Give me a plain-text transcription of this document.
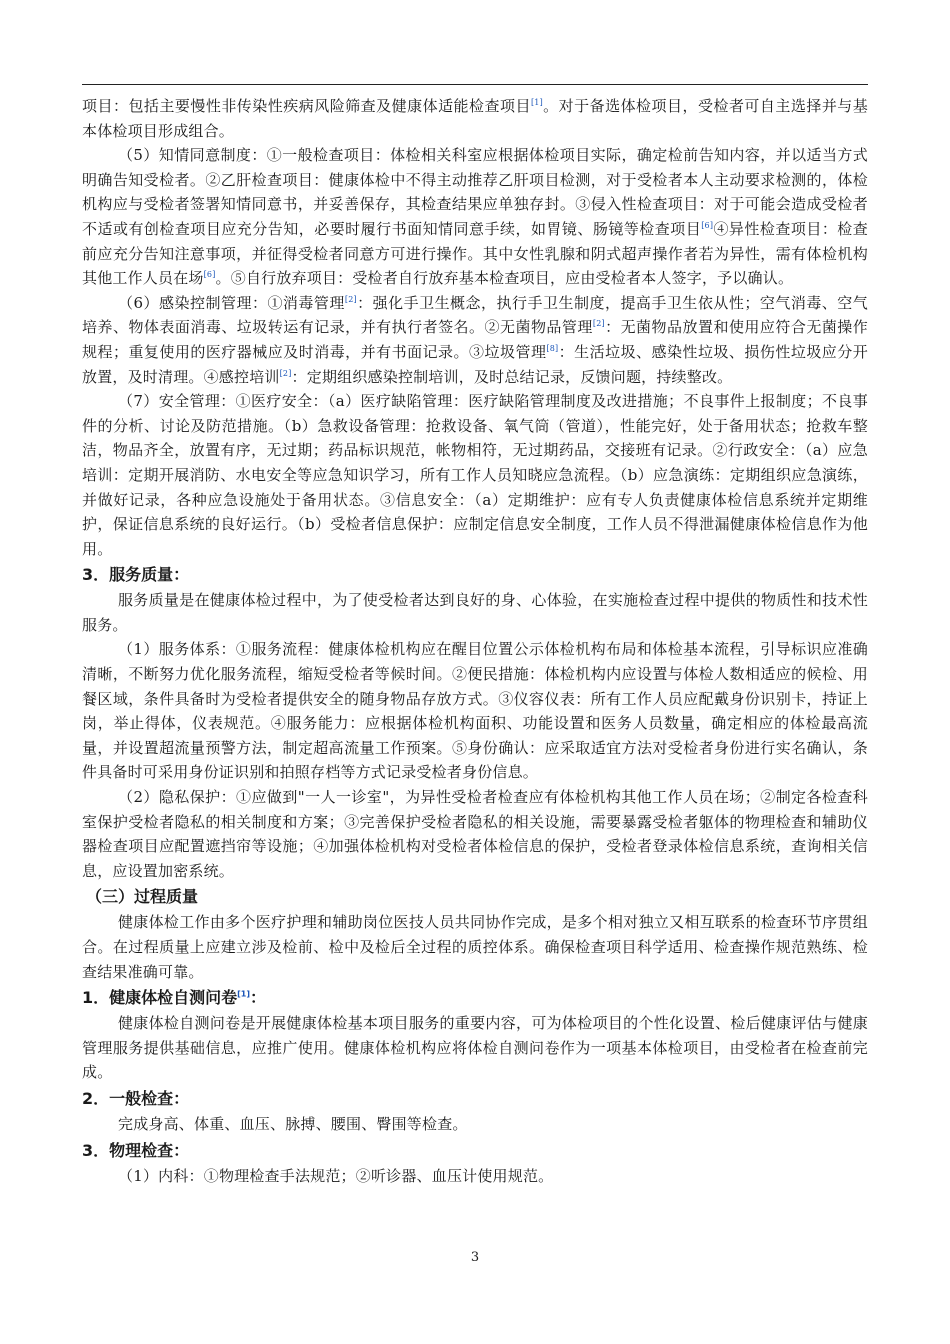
项目：包括主要慢性非传染性疾病风险筛查及健康体适能检查项目[1]。对于备选体检项目，受检者可自主选择并与基本体检项目形成组合。

（5）知情同意制度：①一般检查项目：体检相关科室应根据体检项目实际，确定检前告知内容，并以适当方式明确告知受检者。②乙肝检查项目：健康体检中不得主动推荐乙肝项目检测，对于受检者本人主动要求检测的，体检机构应与受检者签署知情同意书，并妥善保存，其检查结果应单独存封。③侵入性检查项目：对于可能会造成受检者不适或有创检查项目应充分告知，必要时履行书面知情同意手续，如胃镜、肠镜等检查项目[6]④异性检查项目：检查前应充分告知注意事项，并征得受检者同意方可进行操作。其中女性乳腺和阴式超声操作者若为异性，需有体检机构其他工作人员在场[6]。⑤自行放弃项目：受检者自行放弃基本检查项目，应由受检者本人签字，予以确认。

（6）感染控制管理：①消毒管理[2]：强化手卫生概念，执行手卫生制度，提高手卫生依从性；空气消毒、空气培养、物体表面消毒、垃圾转运有记录，并有执行者签名。②无菌物品管理[2]：无菌物品放置和使用应符合无菌操作规程；重复使用的医疗器械应及时消毒，并有书面记录。③垃圾管理[8]：生活垃圾、感染性垃圾、损伤性垃圾应分开放置，及时清理。④感控培训[2]：定期组织感染控制培训，及时总结记录，反馈问题，持续整改。

（7）安全管理：①医疗安全：（a）医疗缺陷管理：医疗缺陷管理制度及改进措施；不良事件上报制度；不良事件的分析、讨论及防范措施。（b）急救设备管理：抢救设备、氧气筒（管道），性能完好，处于备用状态；抢救车整洁，物品齐全，放置有序，无过期；药品标识规范，帐物相符，无过期药品，交接班有记录。②行政安全：（a）应急培训：定期开展消防、水电安全等应急知识学习，所有工作人员知晓应急流程。（b）应急演练：定期组织应急演练，并做好记录，各种应急设施处于备用状态。③信息安全：（a）定期维护：应有专人负责健康体检信息系统并定期维护，保证信息系统的良好运行。（b）受检者信息保护：应制定信息安全制度，工作人员不得泄漏健康体检信息作为他用。

3．服务质量：

服务质量是在健康体检过程中，为了使受检者达到良好的身、心体验，在实施检查过程中提供的物质性和技术性服务。

（1）服务体系：①服务流程：健康体检机构应在醒目位置公示体检机构布局和体检基本流程，引导标识应准确清晰，不断努力优化服务流程，缩短受检者等候时间。②便民措施：体检机构内应设置与体检人数相适应的候检、用餐区域，条件具备时为受检者提供安全的随身物品存放方式。③仪容仪表：所有工作人员应配戴身份识别卡，持证上岗，举止得体，仪表规范。④服务能力：应根据体检机构面积、功能设置和医务人员数量，确定相应的体检最高流量，并设置超流量预警方法，制定超高流量工作预案。⑤身份确认：应采取适宜方法对受检者身份进行实名确认，条件具备时可采用身份证识别和拍照存档等方式记录受检者身份信息。

（2）隐私保护：①应做到"一人一诊室"，为异性受检者检查应有体检机构其他工作人员在场；②制定各检查科室保护受检者隐私的相关制度和方案；③完善保护受检者隐私的相关设施，需要暴露受检者躯体的物理检查和辅助仪器检查项目应配置遮挡帘等设施；④加强体检机构对受检者体检信息的保护，受检者登录体检信息系统，查询相关信息，应设置加密系统。

（三）过程质量

健康体检工作由多个医疗护理和辅助岗位医技人员共同协作完成，是多个相对独立又相互联系的检查环节序贯组合。在过程质量上应建立涉及检前、检中及检后全过程的质控体系。确保检查项目科学适用、检查操作规范熟练、检查结果准确可靠。

1．健康体检自测问卷[1]：

健康体检自测问卷是开展健康体检基本项目服务的重要内容，可为体检项目的个性化设置、检后健康评估与健康管理服务提供基础信息，应推广使用。健康体检机构应将体检自测问卷作为一项基本体检项目，由受检者在检查前完成。

2．一般检查：

完成身高、体重、血压、脉搏、腰围、臀围等检查。

3．物理检查：

（1）内科：①物理检查手法规范；②听诊器、血压计使用规范。

3
